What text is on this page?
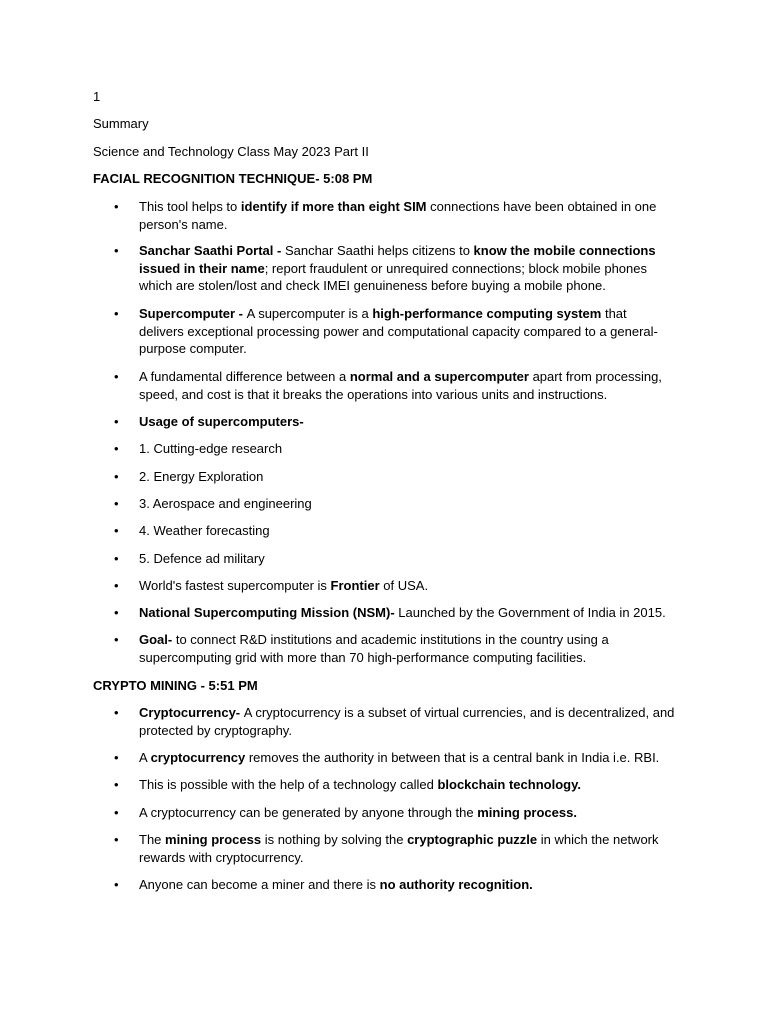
1

Summary

Science and Technology Class May 2023 Part II

FACIAL RECOGNITION TECHNIQUE- 5:08 PM

• This tool helps to identify if more than eight SIM connections have been obtained in one person's name.
• Sanchar Saathi Portal - Sanchar Saathi helps citizens to know the mobile connections issued in their name; report fraudulent or unrequired connections; block mobile phones which are stolen/lost and check IMEI genuineness before buying a mobile phone.
• Supercomputer - A supercomputer is a high-performance computing system that delivers exceptional processing power and computational capacity compared to a general-purpose computer.
• A fundamental difference between a normal and a supercomputer apart from processing, speed, and cost is that it breaks the operations into various units and instructions.
• Usage of supercomputers-
• 1. Cutting-edge research
• 2. Energy Exploration
• 3. Aerospace and engineering
• 4. Weather forecasting
• 5. Defence ad military
• World's fastest supercomputer is Frontier of USA.
• National Supercomputing Mission (NSM)- Launched by the Government of India in 2015.
• Goal- to connect R&D institutions and academic institutions in the country using a supercomputing grid with more than 70 high-performance computing facilities.

CRYPTO MINING - 5:51 PM

• Cryptocurrency- A cryptocurrency is a subset of virtual currencies, and is decentralized, and protected by cryptography.
• A cryptocurrency removes the authority in between that is a central bank in India i.e. RBI.
• This is possible with the help of a technology called blockchain technology.
• A cryptocurrency can be generated by anyone through the mining process.
• The mining process is nothing by solving the cryptographic puzzle in which the network rewards with cryptocurrency.
• Anyone can become a miner and there is no authority recognition.
